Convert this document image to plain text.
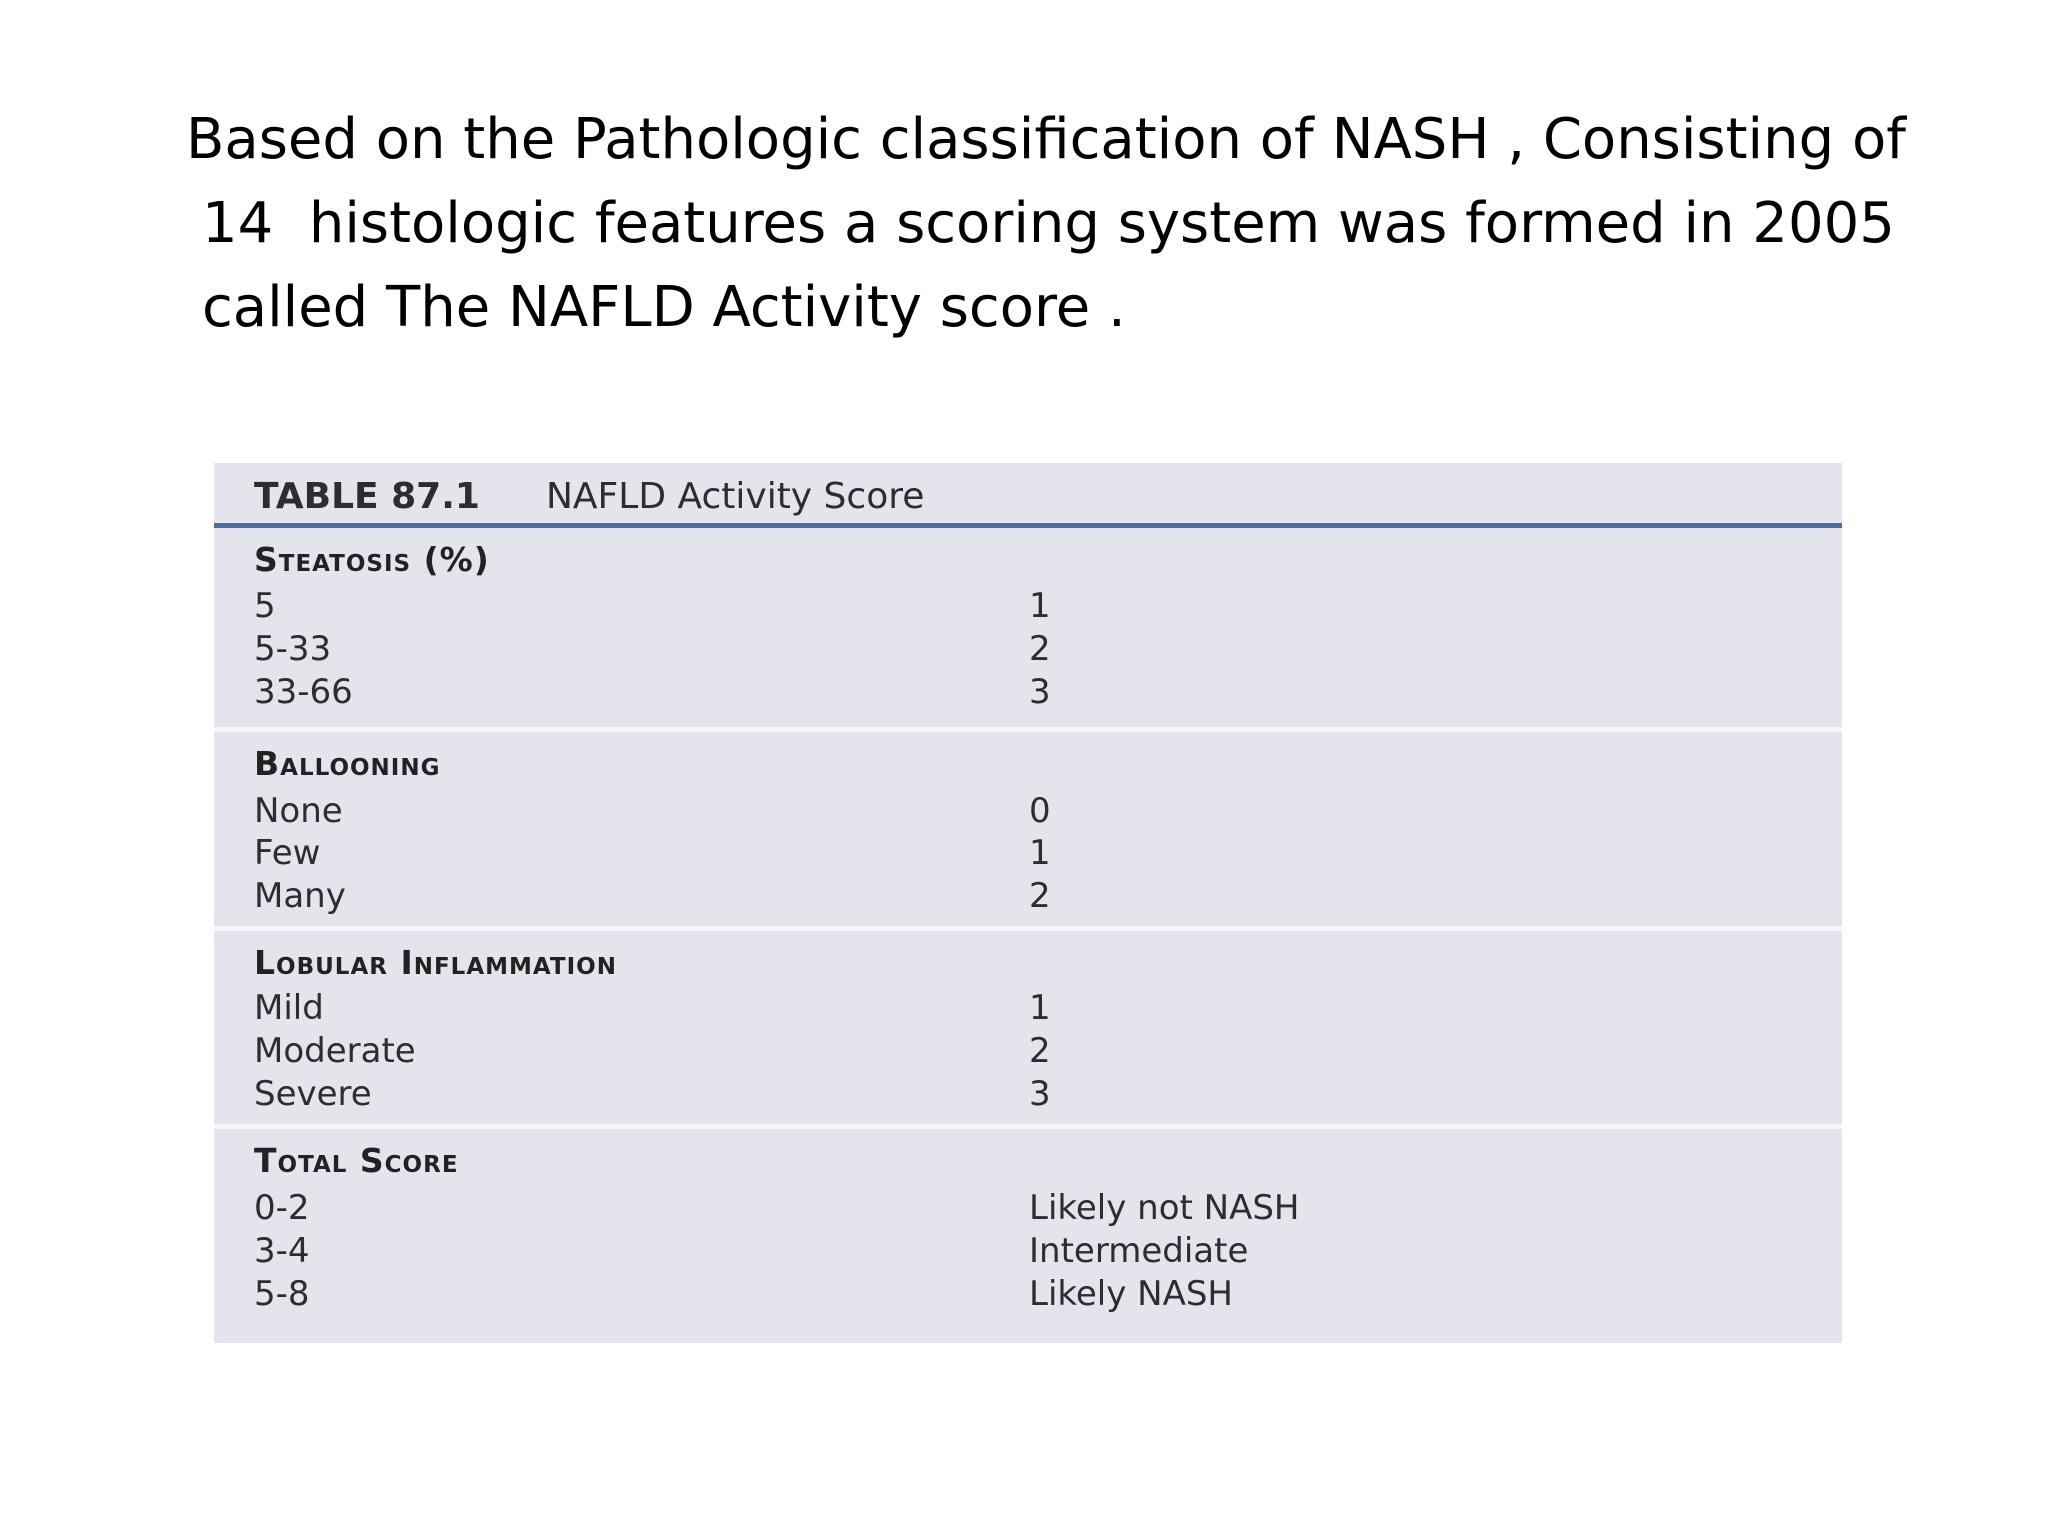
Based on the Pathologic classification of NASH , Consisting of
14  histologic features a scoring system was formed in 2005
called The NAFLD Activity score .
TABLE 87.1 NAFLD Activity Score
Steatosis (%)
5	1
5-33	2
33-66	3
Ballooning
None	0
Few	1
Many	2
Lobular Inflammation
Mild	1
Moderate	2
Severe	3
Total Score
0-2	Likely not NASH
3-4	Intermediate
5-8	Likely NASH
